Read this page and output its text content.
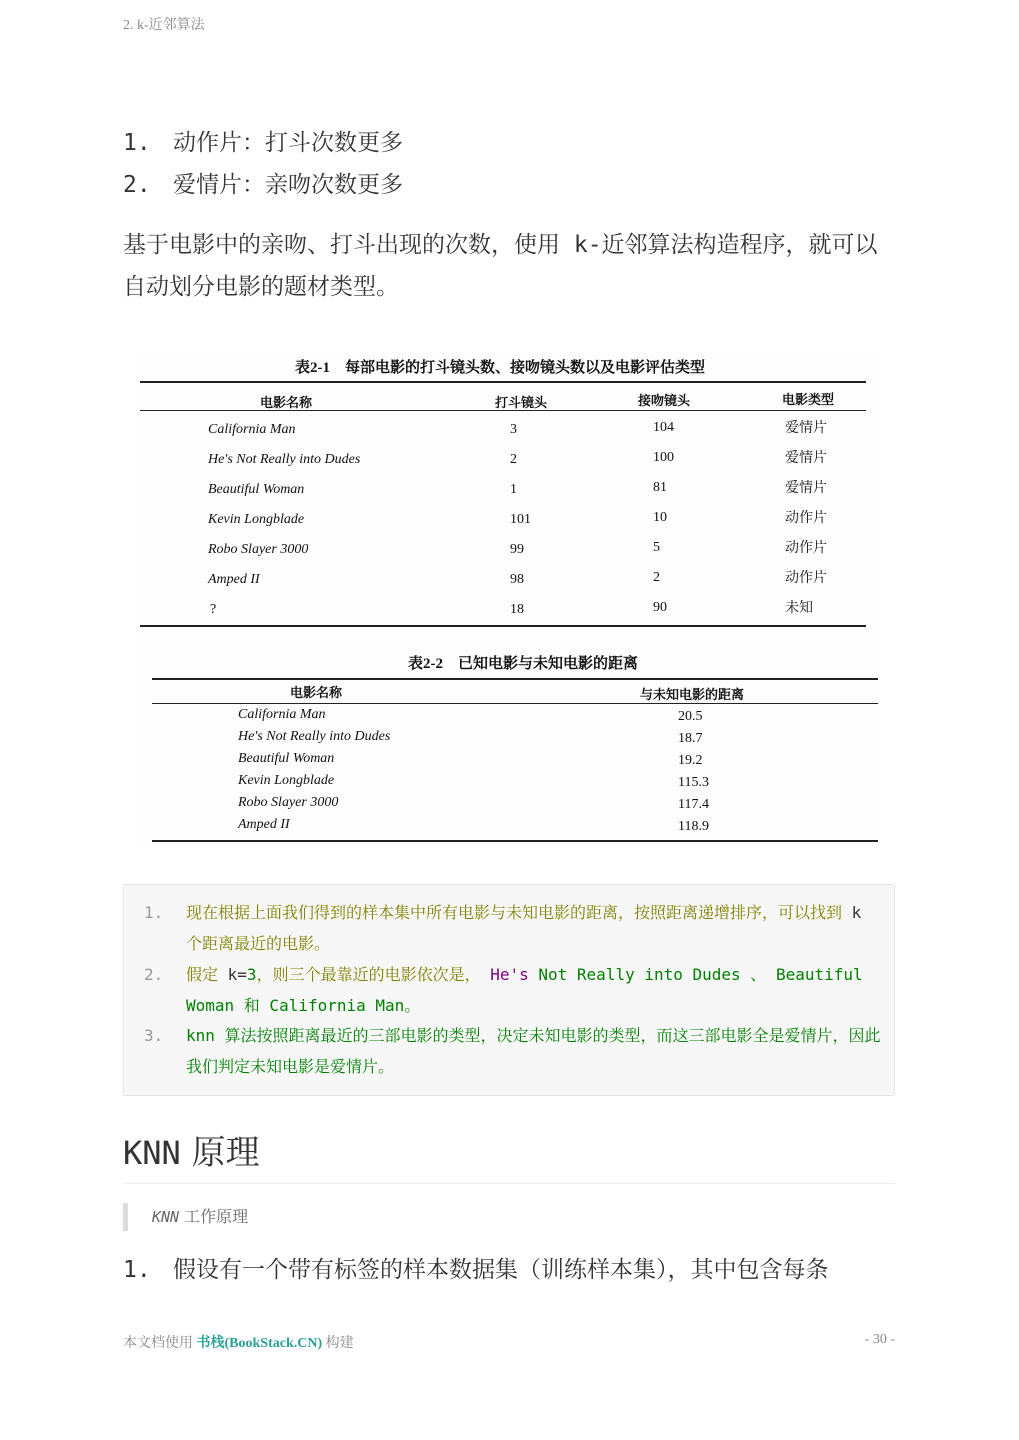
2. k-近邻算法
1. 动作片：打斗次数更多
2. 爱情片：亲吻次数更多
基于电影中的亲吻、打斗出现的次数，使用 k-近邻算法构造程序，就可以自动划分电影的题材类型。
表2-1　每部电影的打斗镜头数、接吻镜头数以及电影评估类型
电影名称	打斗镜头	接吻镜头	电影类型
California Man	3	104	爱情片
He's Not Really into Dudes	2	100	爱情片
Beautiful Woman	1	81	爱情片
Kevin Longblade	101	10	动作片
Robo Slayer 3000	99	5	动作片
Amped II	98	2	动作片
?	18	90	未知
表2-2　已知电影与未知电影的距离
电影名称	与未知电影的距离
California Man	20.5
He's Not Really into Dudes	18.7
Beautiful Woman	19.2
Kevin Longblade	115.3
Robo Slayer 3000	117.4
Amped II	118.9
1. 现在根据上面我们得到的样本集中所有电影与未知电影的距离，按照距离递增排序，可以找到 k 个距离最近的电影。
2. 假定 k=3，则三个最靠近的电影依次是， He's Not Really into Dudes 、 Beautiful Woman 和 California Man。
3. knn 算法按照距离最近的三部电影的类型，决定未知电影的类型，而这三部电影全是爱情片，因此我们判定未知电影是爱情片。
KNN 原理
KNN 工作原理
1. 假设有一个带有标签的样本数据集（训练样本集），其中包含每条
本文档使用 书栈(BookStack.CN) 构建	- 30 -
